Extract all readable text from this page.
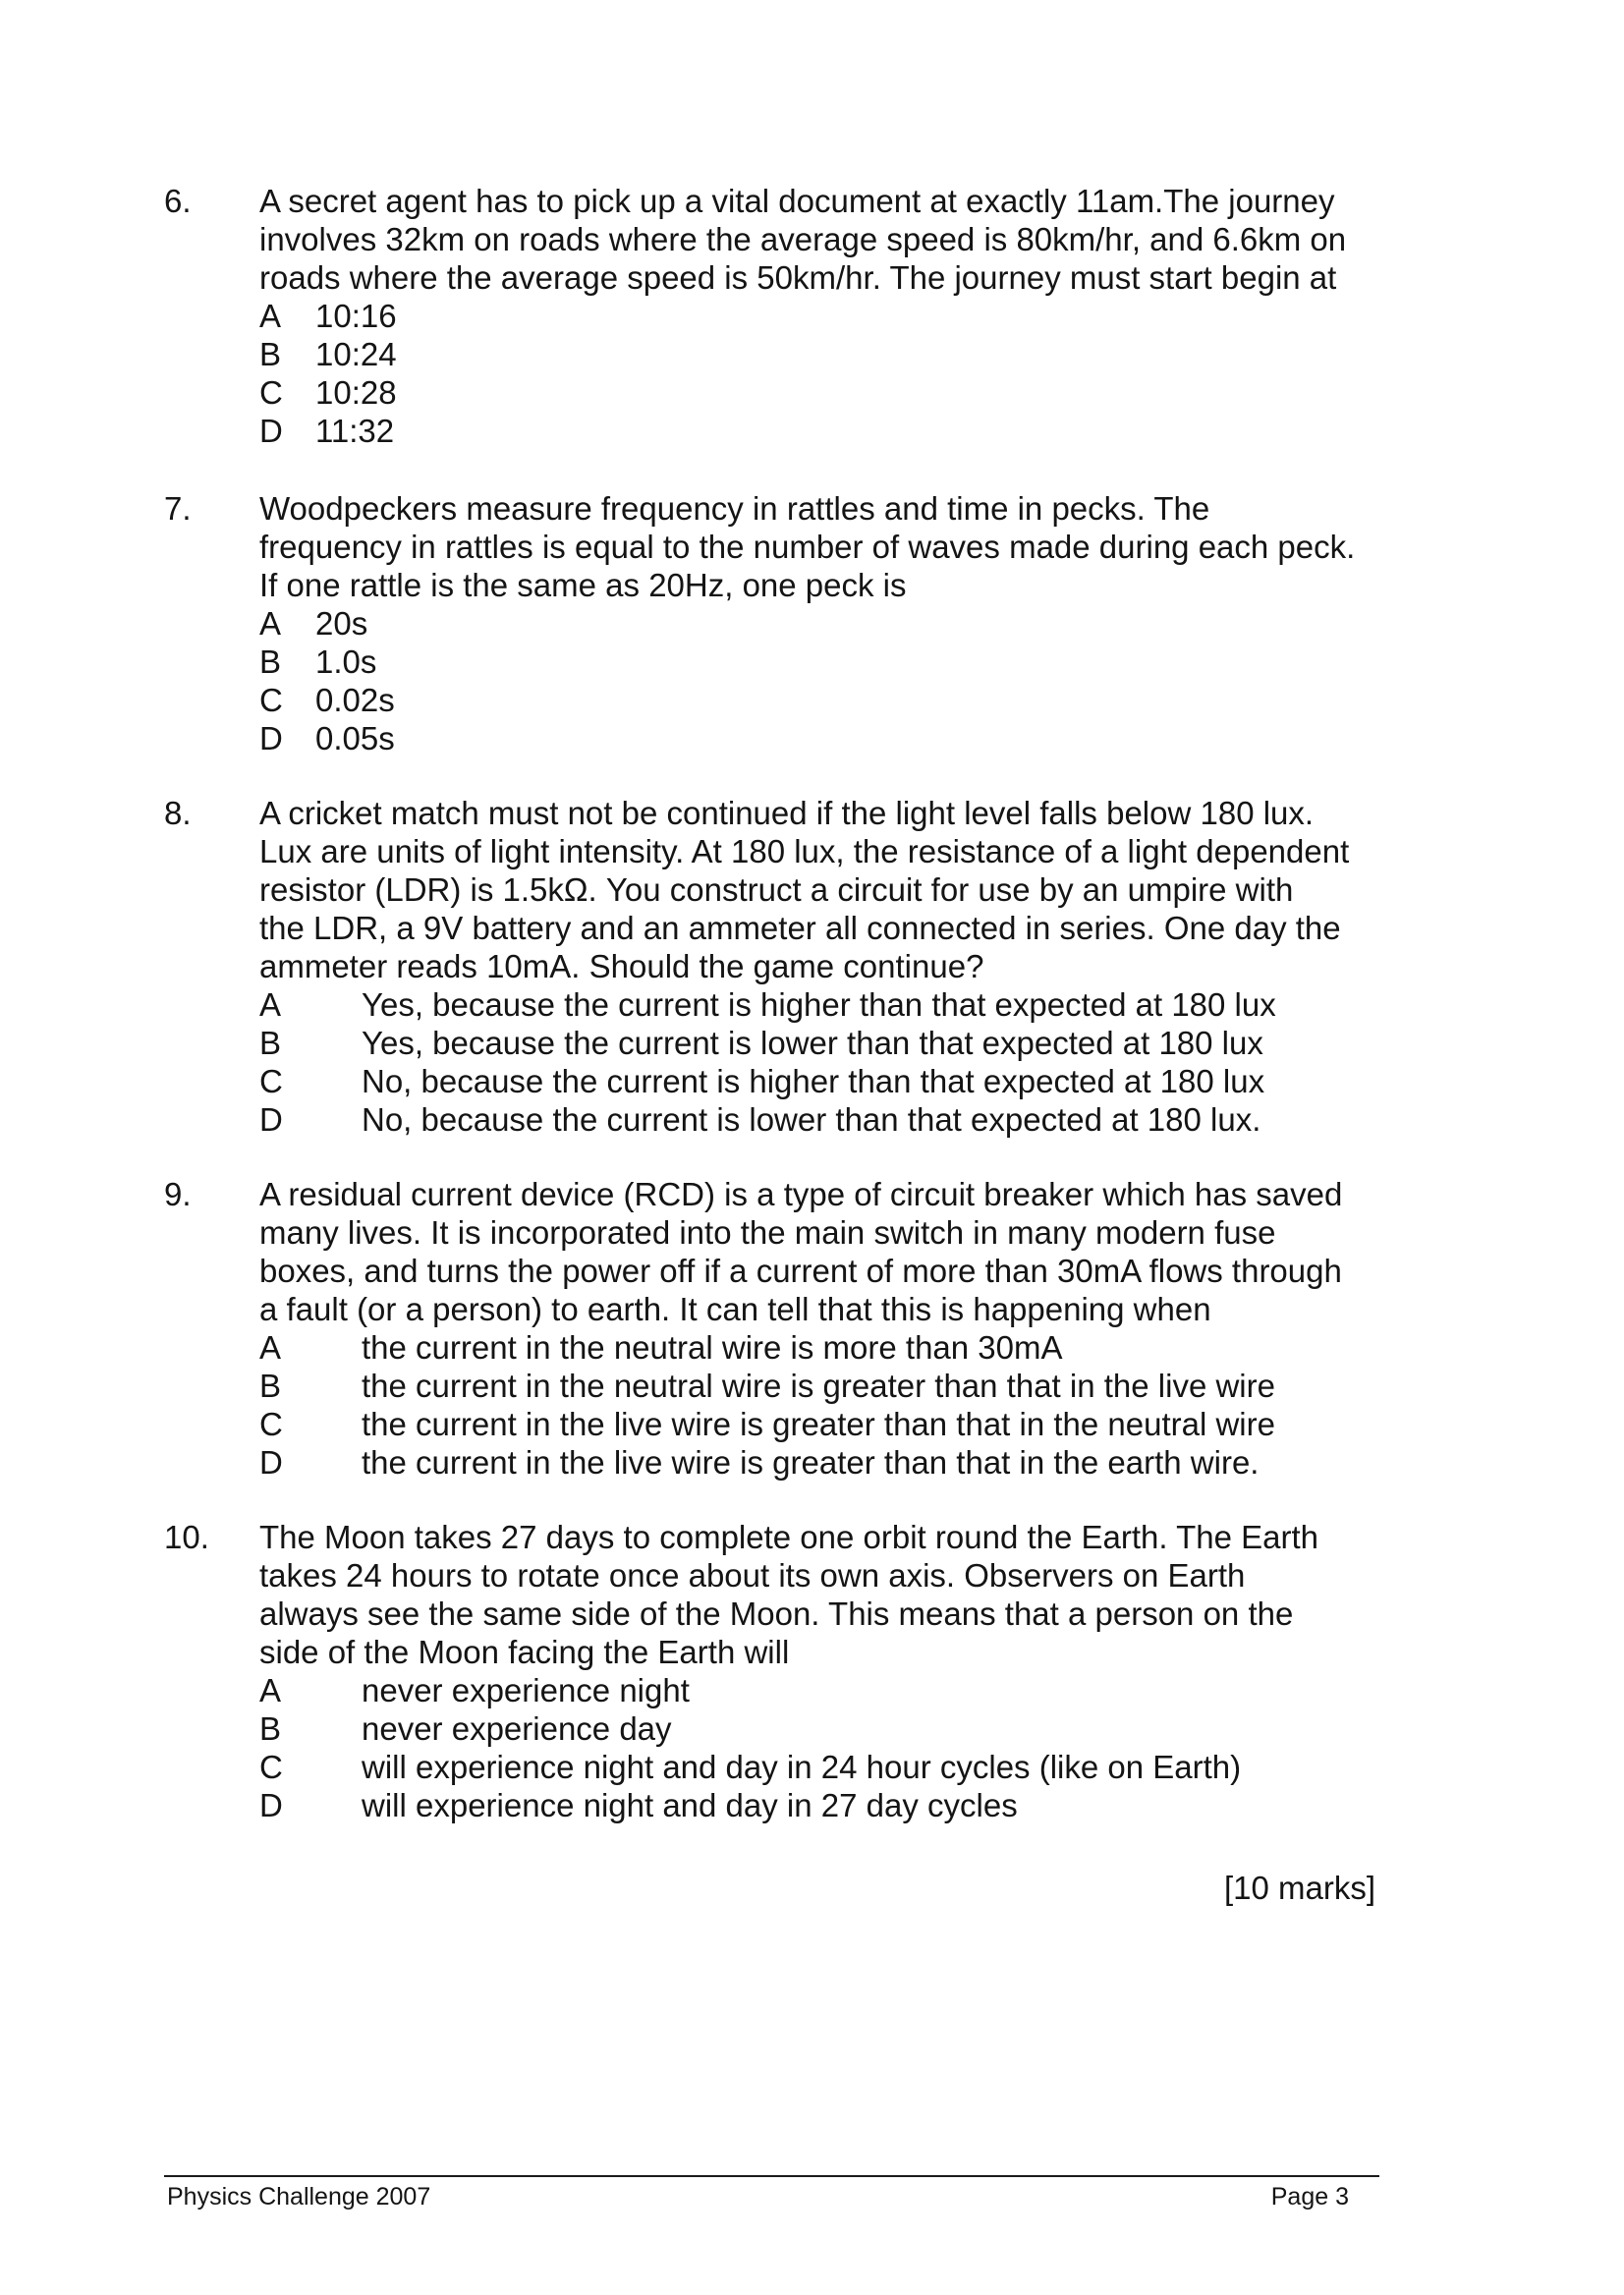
6. A secret agent has to pick up a vital document at exactly 11am.The journey
involves 32km on roads where the average speed is 80km/hr, and 6.6km on
roads where the average speed is 50km/hr. The journey must start begin at
A 10:16
B 10:24
C 10:28
D 11:32
7. Woodpeckers measure frequency in rattles and time in pecks. The
frequency in rattles is equal to the number of waves made during each peck.
If one rattle is the same as 20Hz, one peck is
A 20s
B 1.0s
C 0.02s
D 0.05s
8. A cricket match must not be continued if the light level falls below 180 lux.
Lux are units of light intensity. At 180 lux, the resistance of a light dependent
resistor (LDR) is 1.5kΩ. You construct a circuit for use by an umpire with
the LDR, a 9V battery and an ammeter all connected in series. One day the
ammeter reads 10mA. Should the game continue?
A Yes, because the current is higher than that expected at 180 lux
B Yes, because the current is lower than that expected at 180 lux
C No, because the current is higher than that expected at 180 lux
D No, because the current is lower than that expected at 180 lux.
9. A residual current device (RCD) is a type of circuit breaker which has saved
many lives. It is incorporated into the main switch in many modern fuse
boxes, and turns the power off if a current of more than 30mA flows through
a fault (or a person) to earth. It can tell that this is happening when
A the current in the neutral wire is more than 30mA
B the current in the neutral wire is greater than that in the live wire
C the current in the live wire is greater than that in the neutral wire
D the current in the live wire is greater than that in the earth wire.
10. The Moon takes 27 days to complete one orbit round the Earth. The Earth
takes 24 hours to rotate once about its own axis. Observers on Earth
always see the same side of the Moon. This means that a person on the
side of the Moon facing the Earth will
A never experience night
B never experience day
C will experience night and day in 24 hour cycles (like on Earth)
D will experience night and day in 27 day cycles
[10 marks]
Physics Challenge 2007	Page 3
